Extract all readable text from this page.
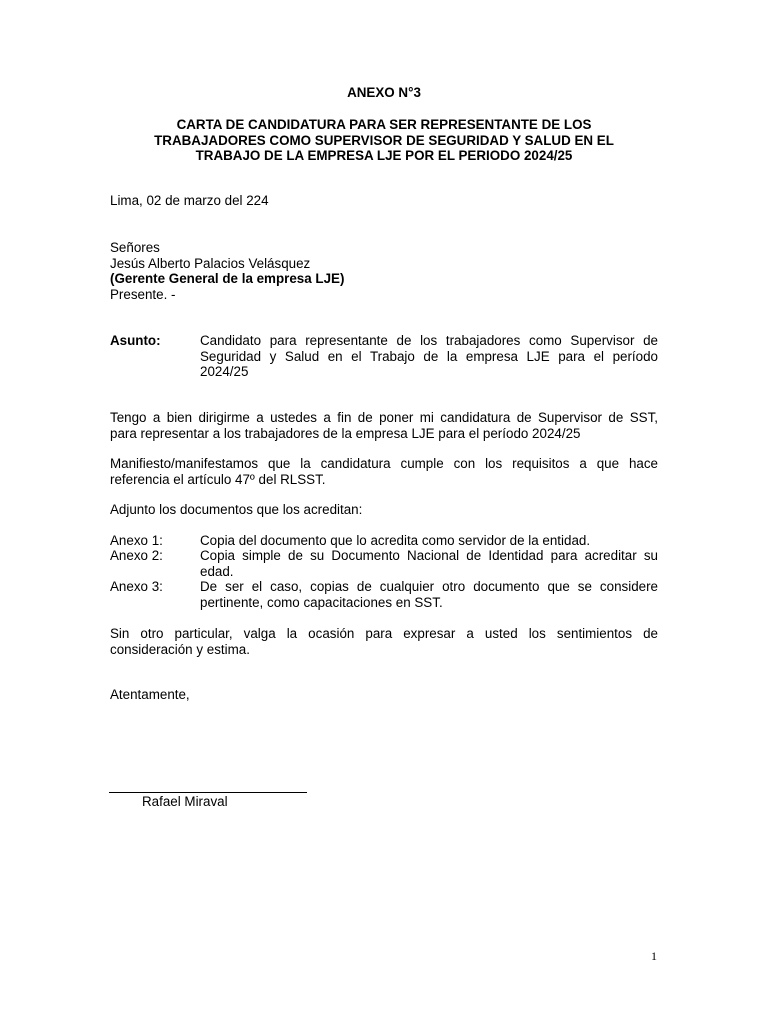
ANEXO N°3
CARTA DE CANDIDATURA PARA SER REPRESENTANTE DE LOS
TRABAJADORES COMO SUPERVISOR DE SEGURIDAD Y SALUD EN EL
TRABAJO DE LA EMPRESA LJE POR EL PERIODO 2024/25
Lima, 02 de marzo del 224
Señores
Jesús Alberto Palacios Velásquez
(Gerente General de la empresa LJE)
Presente. -
Asunto:	Candidato para representante de los trabajadores como Supervisor de
Seguridad y Salud en el Trabajo de la empresa LJE para el período
2024/25
Tengo a bien dirigirme a ustedes a fin de poner mi candidatura de Supervisor de SST,
para representar a los trabajadores de la empresa LJE para el período 2024/25
Manifiesto/manifestamos que la candidatura cumple con los requisitos a que hace
referencia el artículo 47º del RLSST.
Adjunto los documentos que los acreditan:
Anexo 1:	Copia del documento que lo acredita como servidor de la entidad.
Anexo 2:	Copia simple de su Documento Nacional de Identidad para acreditar su
edad.
Anexo 3:	De ser el caso, copias de cualquier otro documento que se considere
pertinente, como capacitaciones en SST.
Sin otro particular, valga la ocasión para expresar a usted los sentimientos de
consideración y estima.
Atentamente,
Rafael Miraval
1
